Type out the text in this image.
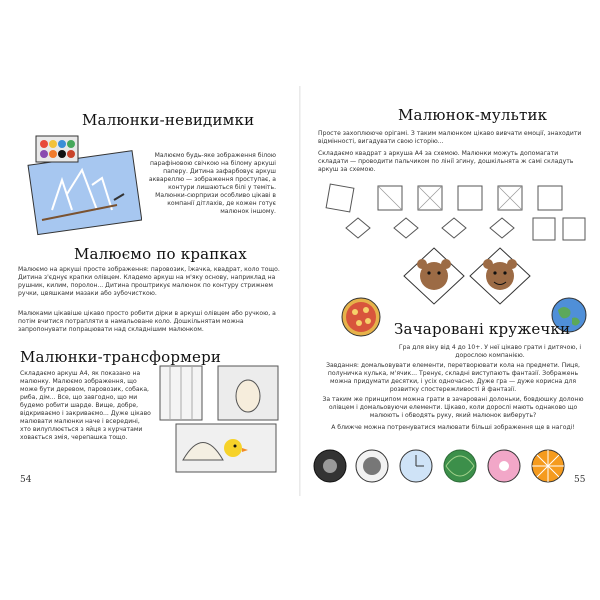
Малюнки-невидимки
Малюємо будь-яке зображення білою парафіновою свічкою на білому аркуші паперу. Дитина зафарбовує аркуш аквареллю — зображення проступає, а контури лишаються білі у теміть. Малюнки-сюрпризи особливо цікаві в компанії дітлахів, де кожен готує малюнок іншому.
Малюємо по крапках
Малюємо на аркуші просте зображення: паровозик, їжачка, квадрат, коло тощо. Дитина з'єднує крапки олівцем. Кладемо аркуш на м'яку основу, наприклад на рушник, килим, поролон... Дитина проштрикує малюнок по контуру стрижнем ручки, цвяшками мазаки або зубочисткою.
Малюками цікавіше цікаво просто робити дірки в аркуші олівцем або ручкою, а потім вчитися потрапляти в намальоване коло. Дошкільнятам можна запропонувати попрацювати над складнішим малюнком.
Малюнки-трансформери
Складаємо аркуш А4, як показано на малюнку. Малюємо зображення, що може бути деревом, паровозик, собака, риба, дім... Все, що завгодно, що ми будемо робити шарде. Вище, добре, відкриваємо і закриваємо... Дуже цікаво малювати малюнки наче і всередині, хто вилуплюється з яйця з курчатами ховається змія, черепашка тощо.
54
Малюнок-мультик
Просте захоплююче орігамі. З таким малюнком цікаво вивчати емоції, знаходити відмінності, вигадувати свою історію...
Складаємо квадрат з аркуша А4 за схемою. Малюнки можуть допомагати складати — проводити пальчиком по лінії згину, дошкільнята ж самі складуть аркуш за схемою.
Зачаровані кружечки
Гра для віку від 4 до 10+. У неї цікаво грати і дитячою, і дорослою компанією.
Завдання: домальовувати елементи, перетворювати кола на предмети. Пиця, полуничка кулька, м'ячик... Тренує, складні виступають фантазії. Зображень можна придумати десятки, і усіх одночасно. Дуже гра — дуже корисна для розвитку спостережливості й фантазії.
За таким же принципом можна грати в зачаровані долоньки, бовдюшку долоню олівцем і домальовуючи елементи. Цікаво, коли дорослі мають однаково що малюють і обводять руку, який малюнок виберуть?
А ближче можна потренуватися малювати більші зображення ще в нагоді!
55
